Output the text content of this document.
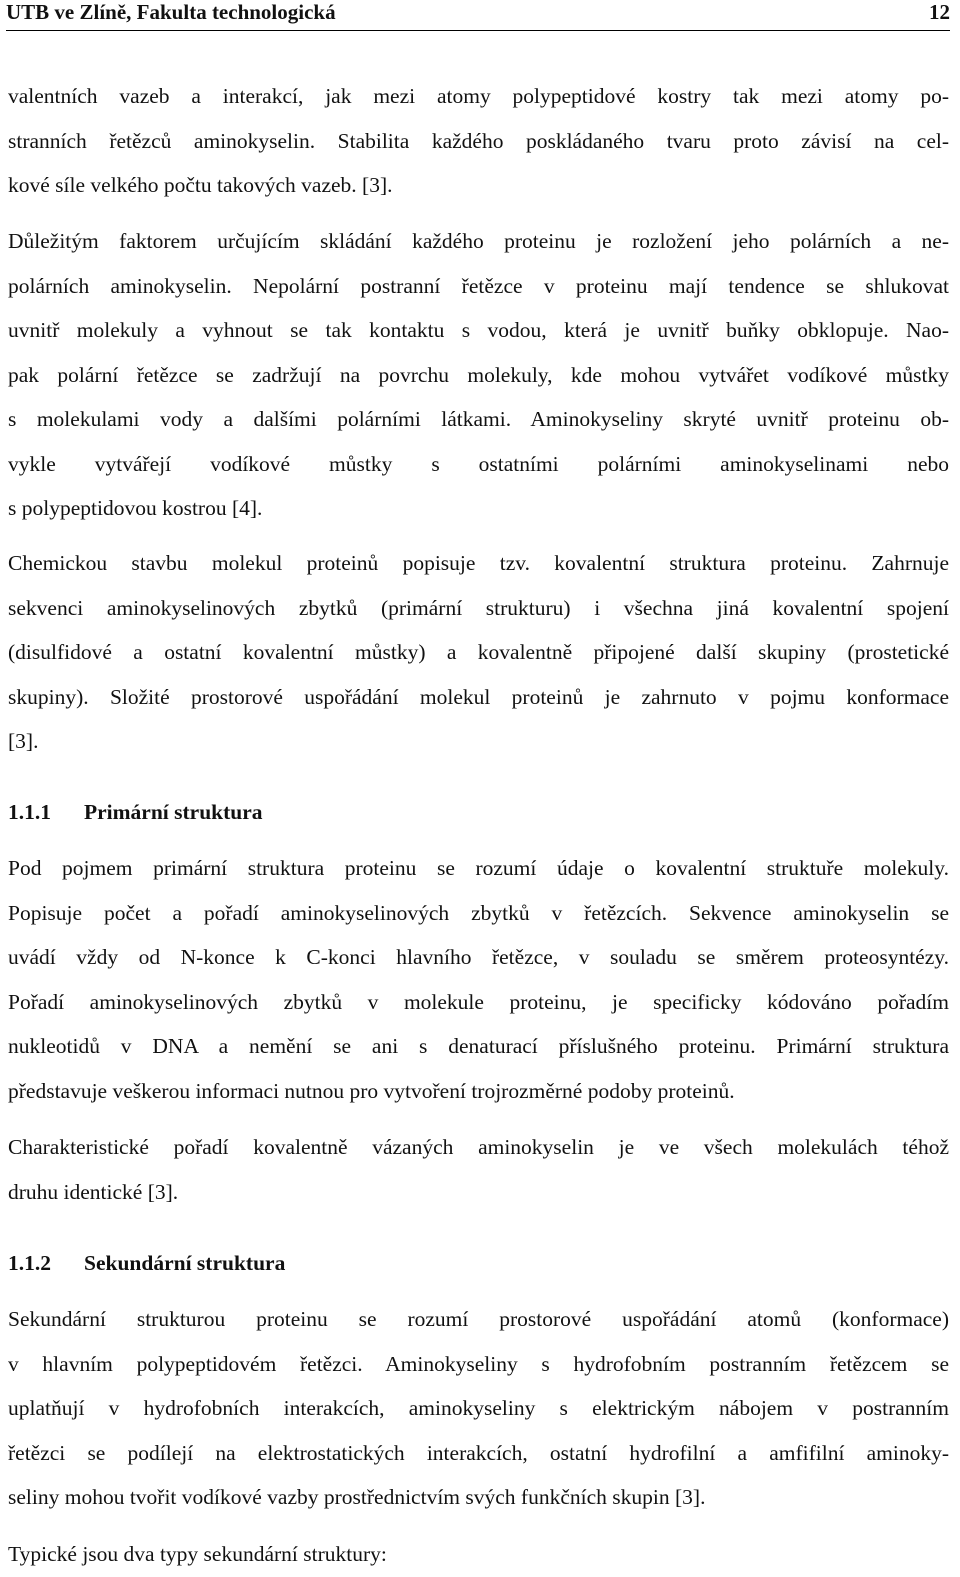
UTB ve Zlíně, Fakulta technologická	12
valentních vazeb a interakcí, jak mezi atomy polypeptidové kostry tak mezi atomy po-
stranních řetězců aminokyselin. Stabilita každého poskládaného tvaru proto závisí na cel-
kové síle velkého počtu takových vazeb. [3].
Důležitým faktorem určujícím skládání každého proteinu je rozložení jeho polárních a ne-
polárních aminokyselin. Nepolární postranní řetězce v proteinu mají tendence se shlukovat
uvnitř molekuly a vyhnout se tak kontaktu s vodou, která je uvnitř buňky obklopuje. Nao-
pak polární řetězce se zadržují na povrchu molekuly, kde mohou vytvářet vodíkové můstky
s molekulami vody a dalšími polárními látkami. Aminokyseliny skryté uvnitř proteinu ob-
vykle vytvářejí vodíkové můstky s ostatními polárními aminokyselinami nebo
s polypeptidovou kostrou [4].
Chemickou stavbu molekul proteinů popisuje tzv. kovalentní struktura proteinu. Zahrnuje
sekvenci aminokyselinových zbytků (primární strukturu) i všechna jiná kovalentní spojení
(disulfidové a ostatní kovalentní můstky) a kovalentně připojené další skupiny (prostetické
skupiny). Složité prostorové uspořádání molekul proteinů je zahrnuto v pojmu konformace
[3].
1.1.1 Primární struktura
Pod pojmem primární struktura proteinu se rozumí údaje o kovalentní struktuře molekuly.
Popisuje počet a pořadí aminokyselinových zbytků v řetězcích. Sekvence aminokyselin se
uvádí vždy od N-konce k C-konci hlavního řetězce, v souladu se směrem proteosyntézy.
Pořadí aminokyselinových zbytků v molekule proteinu, je specificky kódováno pořadím
nukleotidů v DNA a nemění se ani s denaturací příslušného proteinu. Primární struktura
představuje veškerou informaci nutnou pro vytvoření trojrozměrné podoby proteinů.
Charakteristické pořadí kovalentně vázaných aminokyselin je ve všech molekulách téhož
druhu identické [3].
1.1.2 Sekundární struktura
Sekundární strukturou proteinu se rozumí prostorové uspořádání atomů (konformace)
v hlavním polypeptidovém řetězci. Aminokyseliny s hydrofobním postranním řetězcem se
uplatňují v hydrofobních interakcích, aminokyseliny s elektrickým nábojem v postranním
řetězci se podílejí na elektrostatických interakcích, ostatní hydrofilní a amfifilní aminoky-
seliny mohou tvořit vodíkové vazby prostřednictvím svých funkčních skupin [3].
Typické jsou dva typy sekundární struktury:
